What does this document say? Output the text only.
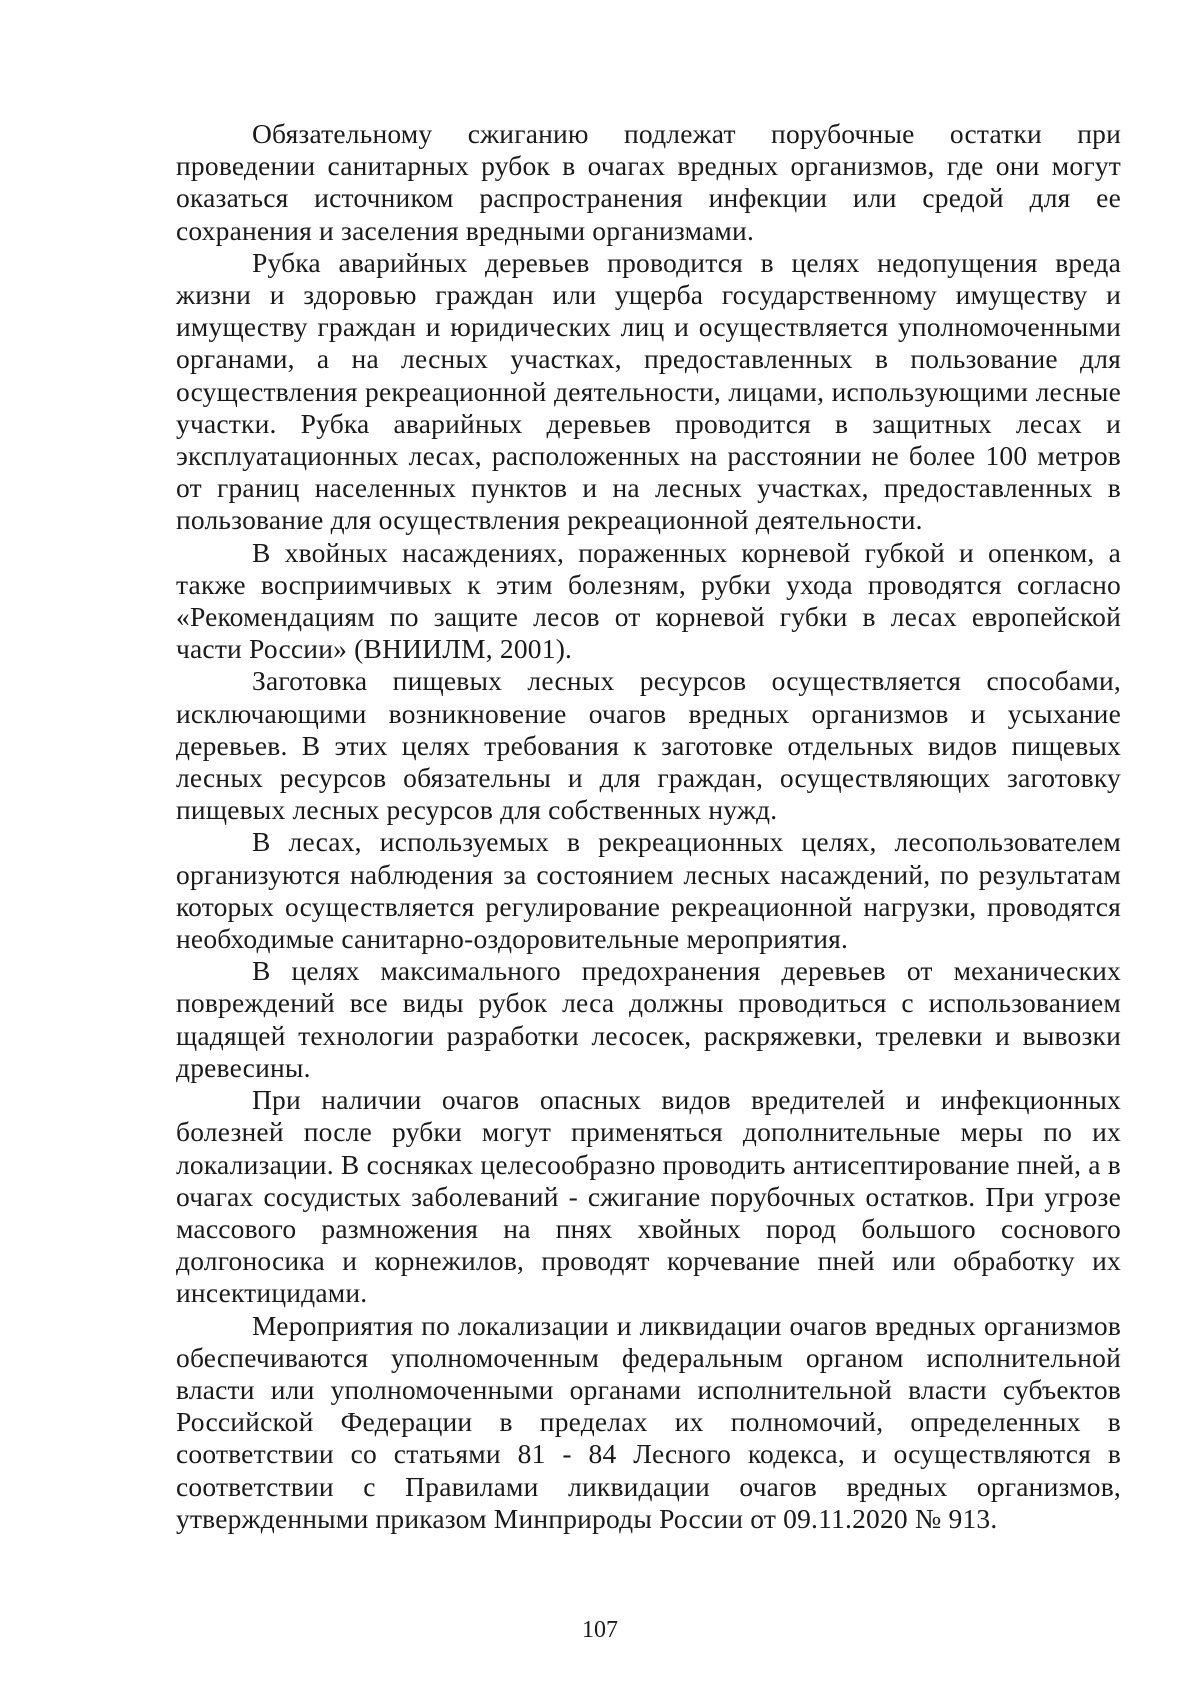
Обязательному сжиганию подлежат порубочные остатки при проведении санитарных рубок в очагах вредных организмов, где они могут оказаться источником распространения инфекции или средой для ее сохранения и заселения вредными организмами.

Рубка аварийных деревьев проводится в целях недопущения вреда жизни и здоровью граждан или ущерба государственному имуществу и имуществу граждан и юридических лиц и осуществляется уполномоченными органами, а на лесных участках, предоставленных в пользование для осуществления рекреационной деятельности, лицами, использующими лесные участки. Рубка аварийных деревьев проводится в защитных лесах и эксплуатационных лесах, расположенных на расстоянии не более 100 метров от границ населенных пунктов и на лесных участках, предоставленных в пользование для осуществления рекреационной деятельности.

В хвойных насаждениях, пораженных корневой губкой и опенком, а также восприимчивых к этим болезням, рубки ухода проводятся согласно «Рекомендациям по защите лесов от корневой губки в лесах европейской части России» (ВНИИЛМ, 2001).

Заготовка пищевых лесных ресурсов осуществляется способами, исключающими возникновение очагов вредных организмов и усыхание деревьев. В этих целях требования к заготовке отдельных видов пищевых лесных ресурсов обязательны и для граждан, осуществляющих заготовку пищевых лесных ресурсов для собственных нужд.

В лесах, используемых в рекреационных целях, лесопользователем организуются наблюдения за состоянием лесных насаждений, по результатам которых осуществляется регулирование рекреационной нагрузки, проводятся необходимые санитарно-оздоровительные мероприятия.

В целях максимального предохранения деревьев от механических повреждений все виды рубок леса должны проводиться с использованием щадящей технологии разработки лесосек, раскряжевки, трелевки и вывозки древесины.

При наличии очагов опасных видов вредителей и инфекционных болезней после рубки могут применяться дополнительные меры по их локализации. В сосняках целесообразно проводить антисептирование пней, а в очагах сосудистых заболеваний - сжигание порубочных остатков. При угрозе массового размножения на пнях хвойных пород большого соснового долгоносика и корнежилов, проводят корчевание пней или обработку их инсектицидами.

Мероприятия по локализации и ликвидации очагов вредных организмов обеспечиваются уполномоченным федеральным органом исполнительной власти или уполномоченными органами исполнительной власти субъектов Российской Федерации в пределах их полномочий, определенных в соответствии со статьями 81 - 84 Лесного кодекса, и осуществляются в соответствии с Правилами ликвидации очагов вредных организмов, утвержденными приказом Минприроды России от 09.11.2020 № 913.

107
